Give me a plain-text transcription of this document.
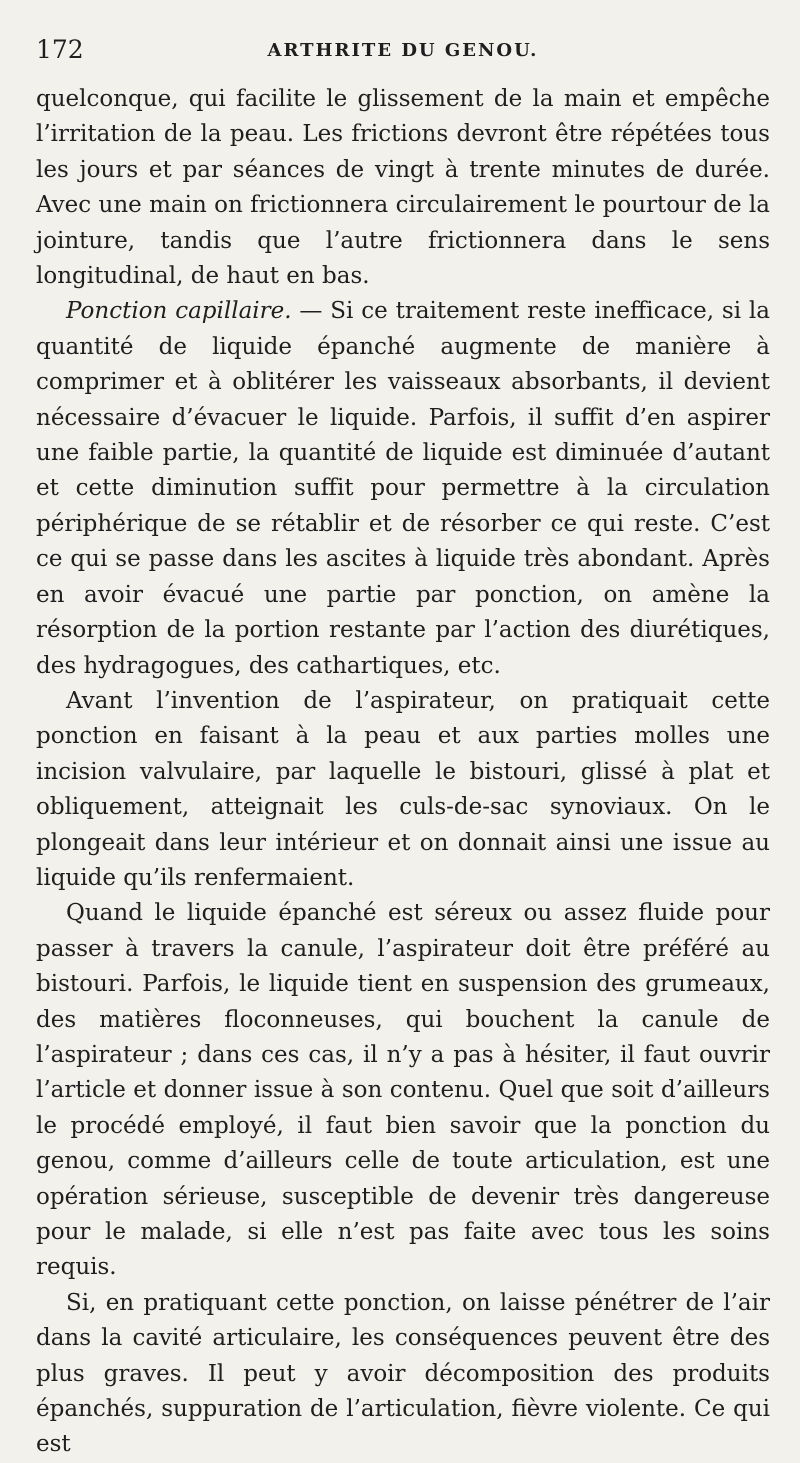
172	ARTHRITE DU GENOU.

quelconque, qui facilite le glissement de la main et empêche l’irritation de la peau. Les frictions devront être répétées tous les jours et par séances de vingt à trente minutes de durée. Avec une main on frictionnera circulairement le pourtour de la jointure, tandis que l’autre frictionnera dans le sens longitudinal, de haut en bas.

Ponction capillaire. — Si ce traitement reste inefficace, si la quantité de liquide épanché augmente de manière à comprimer et à oblitérer les vaisseaux absorbants, il devient nécessaire d’évacuer le liquide. Parfois, il suffit d’en aspirer une faible partie, la quantité de liquide est diminuée d’autant et cette diminution suffit pour permettre à la circulation périphérique de se rétablir et de résorber ce qui reste. C’est ce qui se passe dans les ascites à liquide très abondant. Après en avoir évacué une partie par ponction, on amène la résorption de la portion restante par l’action des diurétiques, des hydragogues, des cathartiques, etc.

Avant l’invention de l’aspirateur, on pratiquait cette ponction en faisant à la peau et aux parties molles une incision valvulaire, par laquelle le bistouri, glissé à plat et obliquement, atteignait les culs-de-sac synoviaux. On le plongeait dans leur intérieur et on donnait ainsi une issue au liquide qu’ils renfermaient.

Quand le liquide épanché est séreux ou assez fluide pour passer à travers la canule, l’aspirateur doit être préféré au bistouri. Parfois, le liquide tient en suspension des grumeaux, des matières floconneuses, qui bouchent la canule de l’aspirateur ; dans ces cas, il n’y a pas à hésiter, il faut ouvrir l’article et donner issue à son contenu. Quel que soit d’ailleurs le procédé employé, il faut bien savoir que la ponction du genou, comme d’ailleurs celle de toute articulation, est une opération sérieuse, susceptible de devenir très dangereuse pour le malade, si elle n’est pas faite avec tous les soins requis.

Si, en pratiquant cette ponction, on laisse pénétrer de l’air dans la cavité articulaire, les conséquences peuvent être des plus graves. Il peut y avoir décomposition des produits épanchés, suppuration de l’articulation, fièvre violente. Ce qui est
